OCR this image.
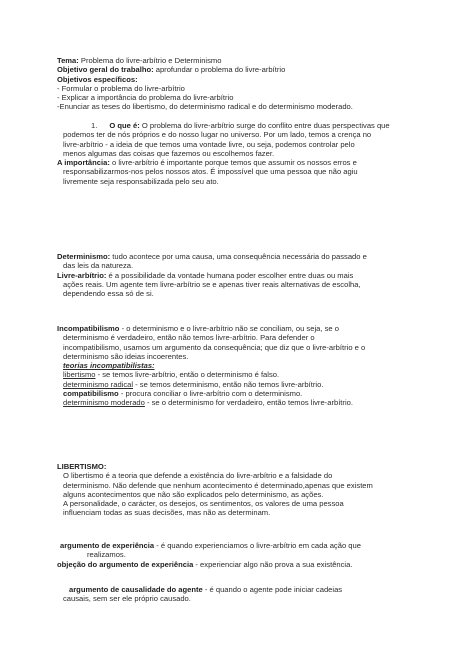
Tema: Problema do livre-arbítrio e Determinismo
Objetivo geral do trabalho: aprofundar o problema do livre-arbítrio
Objetivos específicos:
- Formular o problema do livre-arbítrio
- Explicar a importância do problema do livre-arbítrio
-Enunciar as teses do libertismo, do determinismo radical e do determinismo moderado.
1. O que é: O problema do livre-arbítrio surge do conflito entre duas perspectivas que
podemos ter de nós próprios e do nosso lugar no universo. Por um lado, temos a crença no
livre-arbítrio - a ideia de que temos uma vontade livre, ou seja, podemos controlar pelo
menos algumas das coisas que fazemos ou escolhemos fazer.
A importância: o livre-arbítrio é importante porque temos que assumir os nossos erros e
responsabilizarmos-nos pelos nossos atos. É impossível que uma pessoa que não agiu
livremente seja responsabilizada pelo seu ato.
Determinismo: tudo acontece por uma causa, uma consequência necessária do passado e
das leis da natureza.
Livre-arbítrio: é a possibilidade da vontade humana poder escolher entre duas ou mais
ações reais. Um agente tem livre-arbítrio se e apenas tiver reais alternativas de escolha,
dependendo essa só de si.
Incompatibilismo - o determinismo e o livre-arbítrio não se conciliam, ou seja, se o
determinismo é verdadeiro, então não temos livre-arbítrio. Para defender o
incompatibilismo, usamos um argumento da consequência; que diz que o livre-arbítrio e o
determinismo são ideias incoerentes.
teorias incompatibilistas:
libertismo - se temos livre-arbítrio, então o determinismo é falso.
determinismo radical - se temos determinismo, então não temos livre-arbítrio.
compatibilismo - procura conciliar o livre-arbítrio com o determinismo.
determinismo moderado - se o determinismo for verdadeiro, então temos livre-arbítrio.
LIBERTISMO:
O libertismo é a teoria que defende a existência do livre-arbítrio e a falsidade do
determinismo. Não defende que nenhum acontecimento é determinado,apenas que existem
alguns acontecimentos que não são explicados pelo determinismo, as ações.
A personalidade, o carácter, os desejos, os sentimentos, os valores de uma pessoa
influenciam todas as suas decisões, mas não as determinam.
argumento de experiência - é quando experienciamos o livre-arbítrio em cada ação que
realizamos.
objeção do argumento de experiência - experienciar algo não prova a sua existência.
argumento de causalidade do agente - é quando o agente pode iniciar cadeias
causais, sem ser ele próprio causado.
